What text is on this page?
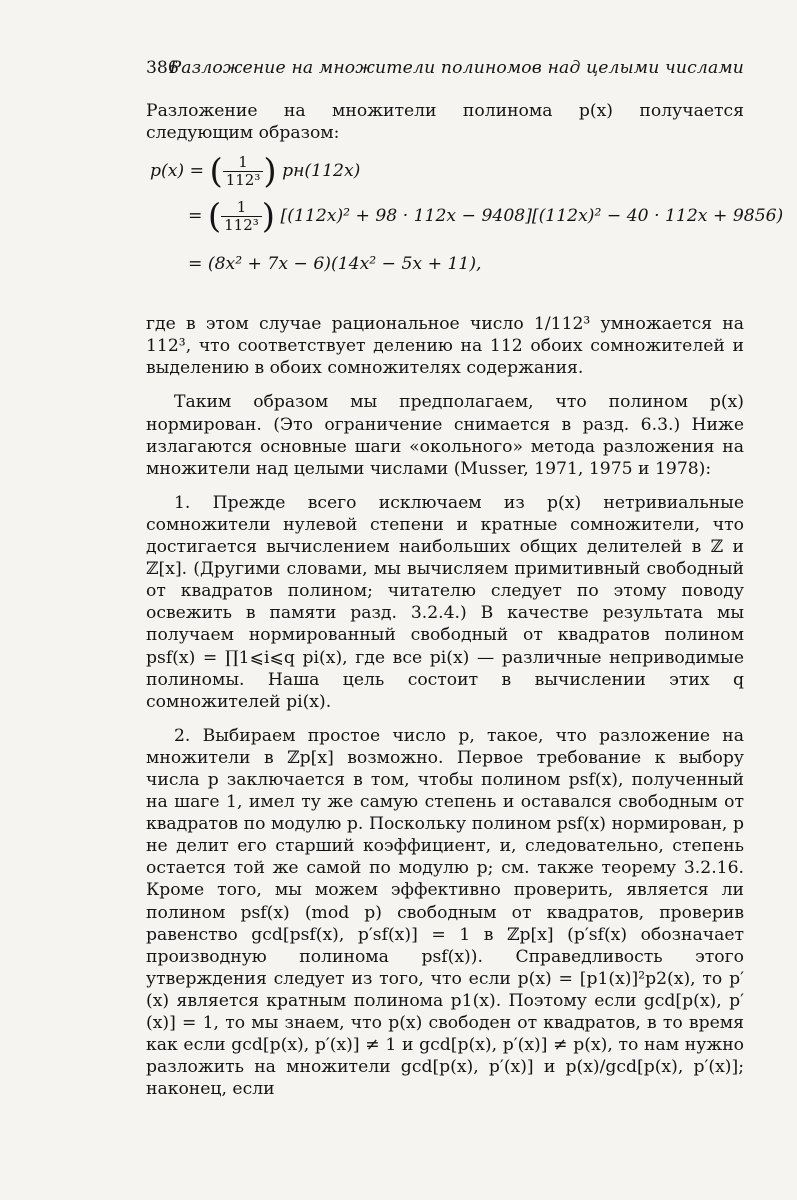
386
Разложение на множители полиномов над целыми числами

Разложение на множители полинома p(x) получается следующим образом:

p(x) = ( $\frac{1}{\text{112³}}$ ) pн(112x)
= ( $\frac{1}{\text{112³}}$ ) [(112x)² + 98 · 112x − 9408][(112x)² − 40 · 112x + 9856)
= (8x² + 7x − 6)(14x² − 5x + 11),

где в этом случае рациональное число 1/112³ умножается на 112³, что соответствует делению на 112 обоих сомножителей и выделению в обоих сомножителях содержания.

Таким образом мы предполагаем, что полином p(x) нормирован. (Это ограничение снимается в разд. 6.3.) Ниже излагаются основные шаги «окольного» метода разложения на множители над целыми числами (Musser, 1971, 1975 и 1978):

1. Прежде всего исключаем из p(x) нетривиальные сомножители нулевой степени и кратные сомножители, что достигается вычислением наибольших общих делителей в ℤ и ℤ[x]. (Другими словами, мы вычисляем примитивный свободный от квадратов полином; читателю следует по этому поводу освежить в памяти разд. 3.2.4.) В качестве результата мы получаем нормированный свободный от квадратов полином psf(x) = ∏1⩽i⩽q pi(x), где все pi(x) — различные неприводимые полиномы. Наша цель состоит в вычислении этих q сомножителей pi(x).

2. Выбираем простое число p, такое, что разложение на множители в ℤp[x] возможно. Первое требование к выбору числа p заключается в том, чтобы полином psf(x), полученный на шаге 1, имел ту же самую степень и оставался свободным от квадратов по модулю p. Поскольку полином psf(x) нормирован, p не делит его старший коэффициент, и, следовательно, степень остается той же самой по модулю p; см. также теорему 3.2.16. Кроме того, мы можем эффективно проверить, является ли полином psf(x) (mod p) свободным от квадратов, проверив равенство gcd[psf(x), p′sf(x)] = 1 в ℤp[x] (p′sf(x) обозначает производную полинома psf(x)). Справедливость этого утверждения следует из того, что если p(x) = [p1(x)]²p2(x), то p′(x) является кратным полинома p1(x). Поэтому если gcd[p(x), p′(x)] = 1, то мы знаем, что p(x) свободен от квадратов, в то время как если gcd[p(x), p′(x)] ≠ 1 и gcd[p(x), p′(x)] ≠ p(x), то нам нужно разложить на множители gcd[p(x), p′(x)] и p(x)/gcd[p(x), p′(x)]; наконец, если
